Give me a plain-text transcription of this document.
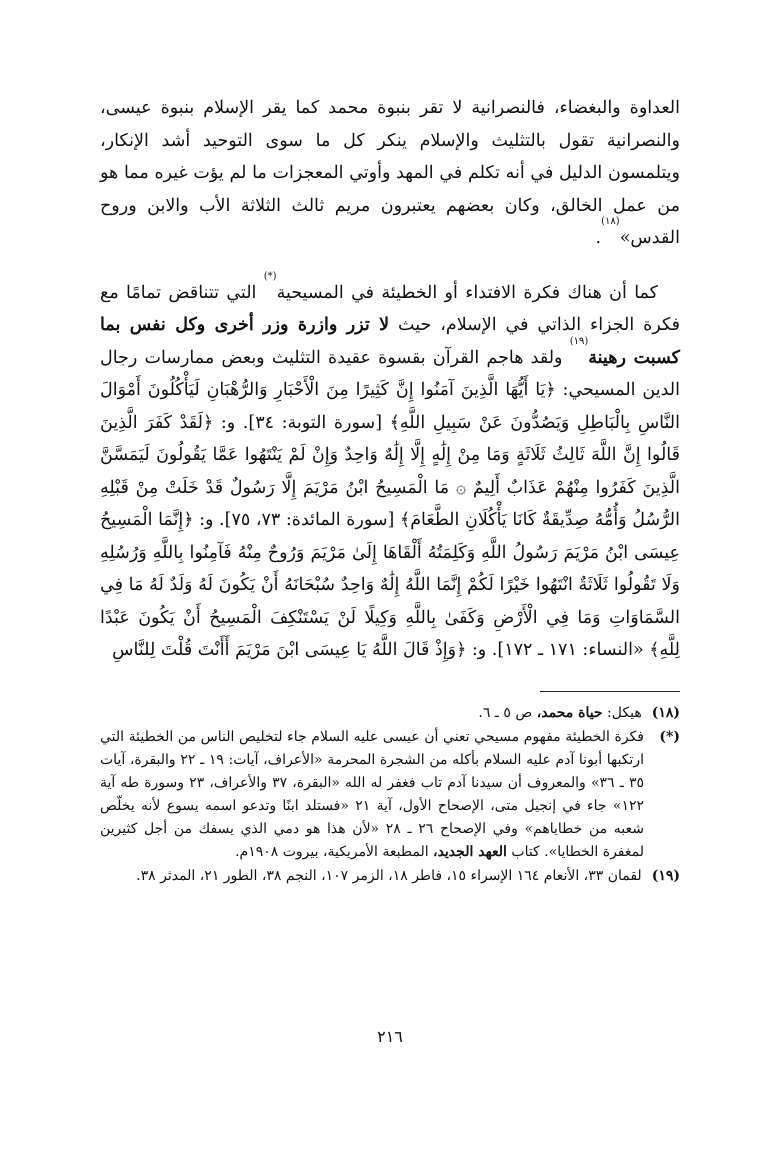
العداوة والبغضاء، فالنصرانية لا تقر بنبوة محمد كما يقر الإسلام بنبوة عيسى، والنصرانية تقول بالتثليث والإسلام ينكر كل ما سوى التوحيد أشد الإنكار، ويتلمسون الدليل في أنه تكلم في المهد وأوتي المعجزات ما لم يؤت غيره مما هو من عمل الخالق، وكان بعضهم يعتبرون مريم ثالث الثلاثة الأب والابن وروح القدس»$^{(١٨)}$.

كما أن هناك فكرة الافتداء أو الخطيئة في المسيحية(*) التي تتناقض تمامًا مع فكرة الجزاء الذاتي في الإسلام، حيث لا تزر وازرة وزر أخرى وكل نفس بما كسبت رهينة$^{(١٩)}$ ولقد هاجم القرآن بقسوة عقيدة التثليث وبعض ممارسات رجال الدين المسيحي: ﴿يَا أَيُّهَا الَّذِينَ آمَنُوا إِنَّ كَثِيرًا مِنَ الْأَحْبَارِ وَالرُّهْبَانِ لَيَأْكُلُونَ أَمْوَالَ النَّاسِ بِالْبَاطِلِ وَيَصُدُّونَ عَنْ سَبِيلِ اللَّهِ﴾ [سورة التوبة: ٣٤]. و: ﴿لَقَدْ كَفَرَ الَّذِينَ قَالُوا إِنَّ اللَّهَ ثَالِثُ ثَلَاثَةٍ وَمَا مِنْ إِلَٰهٍ إِلَّا إِلَٰهٌ وَاحِدٌ وَإِنْ لَمْ يَنْتَهُوا عَمَّا يَقُولُونَ لَيَمَسَّنَّ الَّذِينَ كَفَرُوا مِنْهُمْ عَذَابٌ أَلِيمٌ ۞ مَا الْمَسِيحُ ابْنُ مَرْيَمَ إِلَّا رَسُولٌ قَدْ خَلَتْ مِنْ قَبْلِهِ الرُّسُلُ وَأُمُّهُ صِدِّيقَةٌ كَانَا يَأْكُلَانِ الطَّعَامَ﴾ [سورة المائدة: ٧٣، ٧٥]. و: ﴿إِنَّمَا الْمَسِيحُ عِيسَى ابْنُ مَرْيَمَ رَسُولُ اللَّهِ وَكَلِمَتُهُ أَلْقَاهَا إِلَىٰ مَرْيَمَ وَرُوحٌ مِنْهُ فَآمِنُوا بِاللَّهِ وَرُسُلِهِ وَلَا تَقُولُوا ثَلَاثَةٌ انْتَهُوا خَيْرًا لَكُمْ إِنَّمَا اللَّهُ إِلَٰهٌ وَاحِدٌ سُبْحَانَهُ أَنْ يَكُونَ لَهُ وَلَدٌ لَهُ مَا فِي السَّمَاوَاتِ وَمَا فِي الْأَرْضِ وَكَفَىٰ بِاللَّهِ وَكِيلًا لَنْ يَسْتَنْكِفَ الْمَسِيحُ أَنْ يَكُونَ عَبْدًا لِلَّهِ﴾ «النساء: ١٧١ ـ ١٧٢]. و: ﴿وَإِذْ قَالَ اللَّهُ يَا عِيسَى ابْنَ مَرْيَمَ أَأَنْتَ قُلْتَ لِلنَّاسِ

(١٨)
هيكل: حياة محمد، ص ٥ ـ ٦.
(*)
فكرة الخطيئة مفهوم مسيحي تعني أن عيسى عليه السلام جاء لتخليص الناس من الخطيئة التي ارتكبها أبونا آدم عليه السلام بأكله من الشجرة المحرمة «الأعراف، آيات: ١٩ ـ ٢٢ والبقرة، آيات ٣٥ ـ ٣٦» والمعروف أن سيدنا آدم تاب فغفر له الله «البقرة، ٣٧ والأعراف، ٢٣ وسورة طه آية ١٢٢» جاء في إنجيل متى، الإصحاح الأول، آية ٢١ «فستلد ابنًا وتدعو اسمه يسوع لأنه يخلّص شعبه من خطاياهم» وفي الإصحاح ٢٦ ـ ٢٨ «لأن هذا هو دمي الذي يسفك من أجل كثيرين لمغفرة الخطايا». كتاب العهد الجديد، المطبعة الأمريكية، بيروت ١٩٠٨م.
(١٩)
لقمان ٣٣، الأنعام ١٦٤ الإسراء ١٥، فاطر ١٨، الزمر ١٠٧، النجم ٣٨، الطور ٢١، المدثر ٣٨.
٢١٦
